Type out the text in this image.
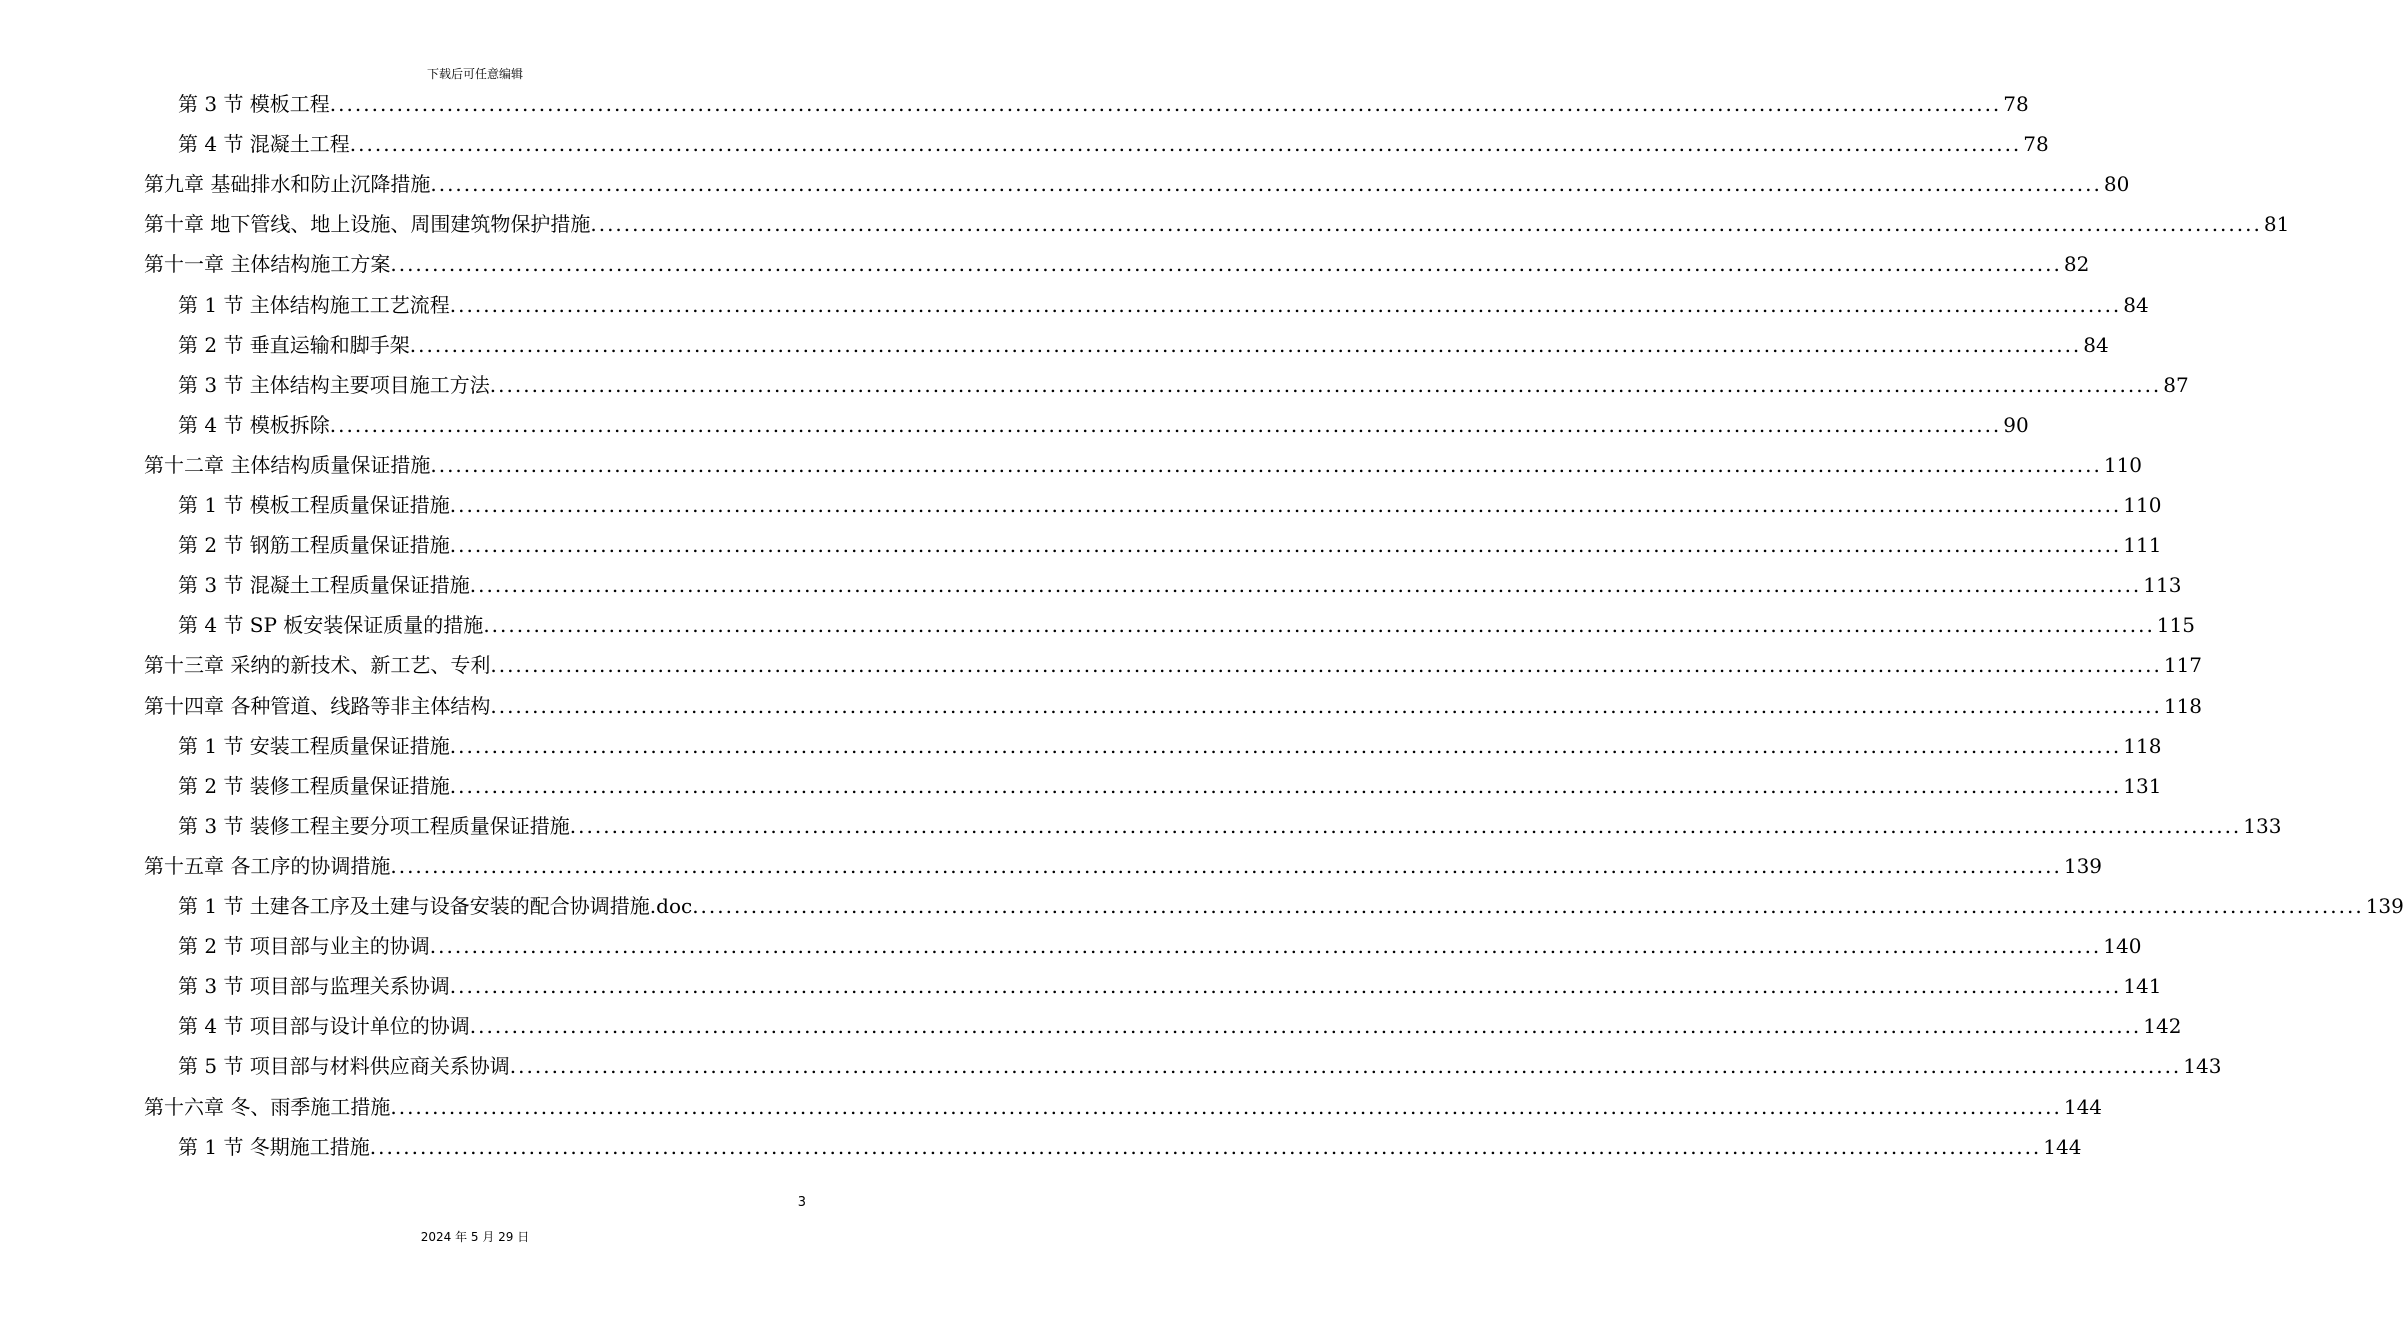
下载后可任意编辑
第 3 节 模板工程 ........................................................................................................................................................................................................ 78
第 4 节 混凝土工程 ........................................................................................................................................................................................................ 78
第九章 基础排水和防止沉降措施 ........................................................................................................................................................................................................ 80
第十章 地下管线、地上设施、周围建筑物保护措施 ........................................................................................................................................................................................................ 81
第十一章 主体结构施工方案 ........................................................................................................................................................................................................ 82
第 1 节 主体结构施工工艺流程 ........................................................................................................................................................................................................ 84
第 2 节 垂直运输和脚手架 ........................................................................................................................................................................................................ 84
第 3 节 主体结构主要项目施工方法 ........................................................................................................................................................................................................ 87
第 4 节 模板拆除 ........................................................................................................................................................................................................ 90
第十二章 主体结构质量保证措施 ........................................................................................................................................................................................................ 110
第 1 节 模板工程质量保证措施 ........................................................................................................................................................................................................ 110
第 2 节 钢筋工程质量保证措施 ........................................................................................................................................................................................................ 111
第 3 节 混凝土工程质量保证措施 ........................................................................................................................................................................................................ 113
第 4 节 SP 板安装保证质量的措施 ........................................................................................................................................................................................................ 115
第十三章 采纳的新技术、新工艺、专利 ........................................................................................................................................................................................................ 117
第十四章 各种管道、线路等非主体结构 ........................................................................................................................................................................................................ 118
第 1 节 安装工程质量保证措施 ........................................................................................................................................................................................................ 118
第 2 节 装修工程质量保证措施 ........................................................................................................................................................................................................ 131
第 3 节 装修工程主要分项工程质量保证措施 ........................................................................................................................................................................................................ 133
第十五章 各工序的协调措施 ........................................................................................................................................................................................................ 139
第 1 节 土建各工序及土建与设备安装的配合协调措施.doc ........................................................................................................................................................................................................ 139
第 2 节 项目部与业主的协调 ........................................................................................................................................................................................................ 140
第 3 节 项目部与监理关系协调 ........................................................................................................................................................................................................ 141
第 4 节 项目部与设计单位的协调 ........................................................................................................................................................................................................ 142
第 5 节 项目部与材料供应商关系协调 ........................................................................................................................................................................................................ 143
第十六章 冬、雨季施工措施 ........................................................................................................................................................................................................ 144
第 1 节 冬期施工措施 ........................................................................................................................................................................................................ 144
3
2024 年 5 月 29 日
